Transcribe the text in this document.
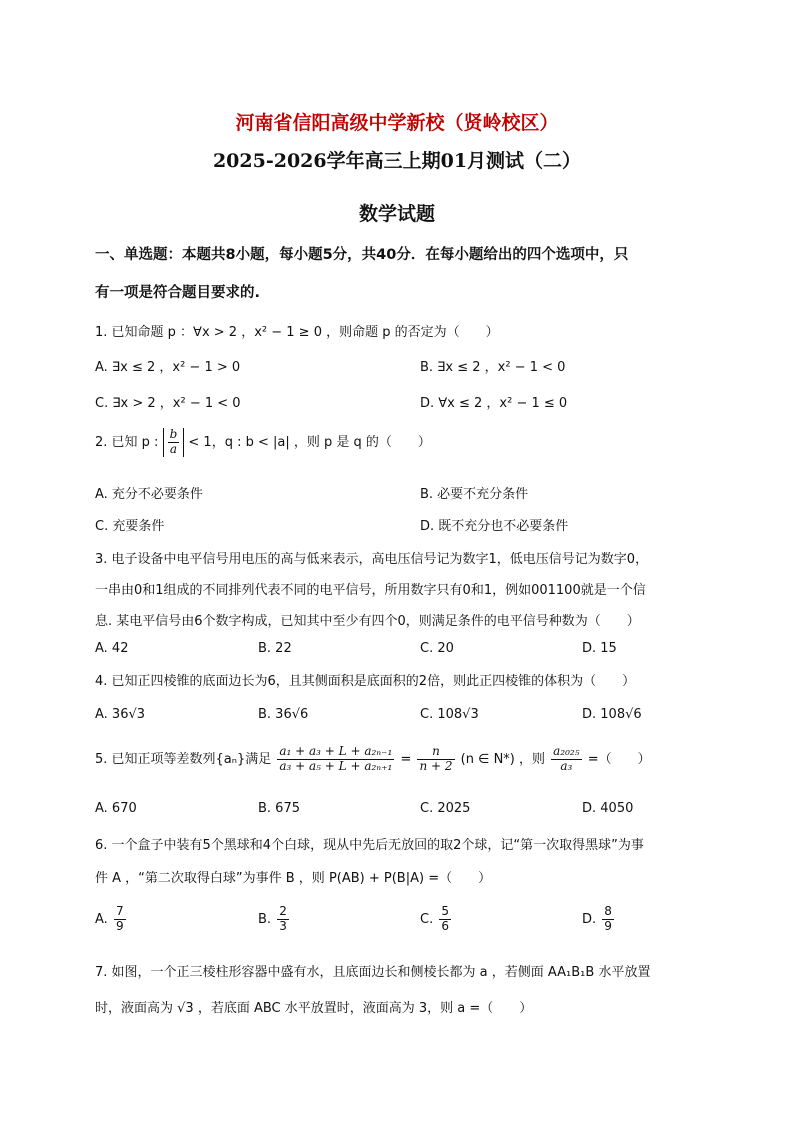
河南省信阳高级中学新校（贤岭校区）
2025-2026学年高三上期01月测试（二）
数学试题
一、单选题：本题共8小题，每小题5分，共40分．在每小题给出的四个选项中，只
有一项是符合题目要求的.
1. 已知命题 p ：∀x > 2 ，x² − 1 ≥ 0 ，则命题 p 的否定为（　　）
A. ∃x ≤ 2 ，x² − 1 > 0	B. ∃x ≤ 2 ，x² − 1 < 0
C. ∃x > 2 ，x² − 1 < 0	D. ∀x ≤ 2 ，x² − 1 ≤ 0
2. 已知 p : $\frac{b}{a} < 1$，q : b < |a| ，则 p 是 q 的（　　）
A. 充分不必要条件	B. 必要不充分条件
C. 充要条件	D. 既不充分也不必要条件
3. 电子设备中电平信号用电压的高与低来表示，高电压信号记为数字1，低电压信号记为数字0，
一串由0和1组成的不同排列代表不同的电平信号，所用数字只有0和1，例如001100就是一个信
息. 某电平信号由6个数字构成，已知其中至少有四个0，则满足条件的电平信号种数为（　　）
A. 42	B. 22	C. 20	D. 15
4. 已知正四棱锥的底面边长为6，且其侧面积是底面积的2倍，则此正四棱锥的体积为（　　）
A. 36√3	B. 36√6	C. 108√3	D. 108√6
5. 已知正项等差数列{aₙ}满足 $\frac{\text{a₁ + a₃ + L + a₂ₙ₋₁}}{\text{a₃ + a₅ + L + a₂ₙ₊₁}} = \frac{n}{n + 2} (n$ ∈ N*) ，则 $\frac{\text{a₂₀₂₅}}{\text{a₃}}$ =（　　）
A. 670	B. 675	C. 2025	D. 4050
6. 一个盒子中装有5个黑球和4个白球，现从中先后无放回的取2个球，记“第一次取得黑球”为事
件 A ，“第二次取得白球”为事件 B ，则 P(AB) + P(B|A) =（　　）
A. $\frac{7}{9}$	B. $\frac{2}{3}$	C. $\frac{5}{6}$	D. $\frac{8}{9}$
7. 如图，一个正三棱柱形容器中盛有水，且底面边长和侧棱长都为 a ，若侧面 AA₁B₁B 水平放置
时，液面高为 √3 ，若底面 ABC 水平放置时，液面高为 3，则 a =（　　）
